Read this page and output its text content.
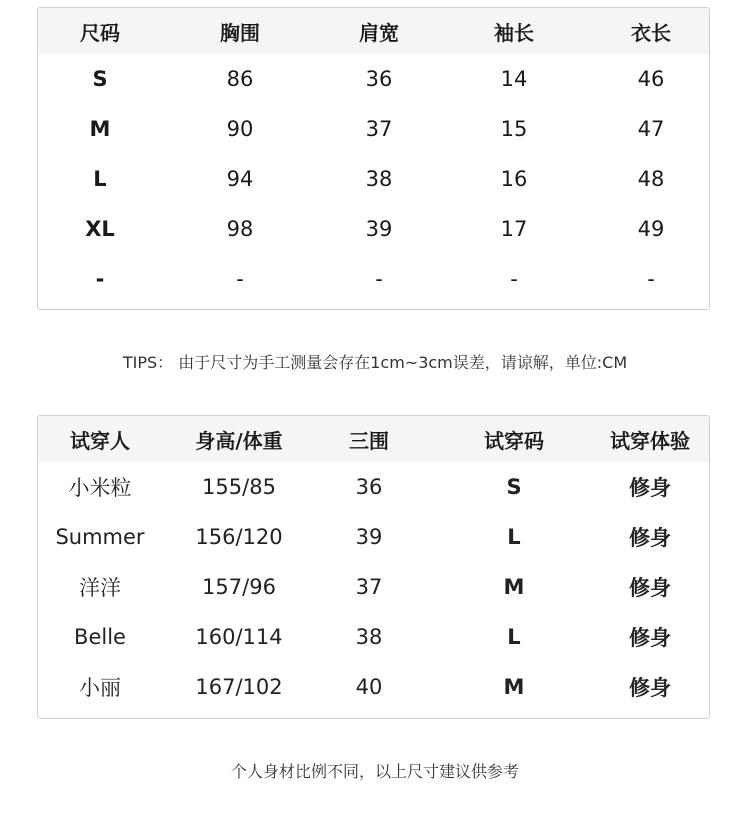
尺码	胸围	肩宽	袖长	衣长
S	86	36	14	46
M	90	37	15	47
L	94	38	16	48
XL	98	39	17	49
-	-	-	-	-
TIPS： 由于尺寸为手工测量会存在1cm~3cm误差，请谅解，单位:CM
试穿人	身高/体重	三围	试穿码	试穿体验
小米粒	155/85	36	S	修身
Summer	156/120	39	L	修身
洋洋	157/96	37	M	修身
Belle	160/114	38	L	修身
小丽	167/102	40	M	修身
个人身材比例不同，以上尺寸建议供参考
